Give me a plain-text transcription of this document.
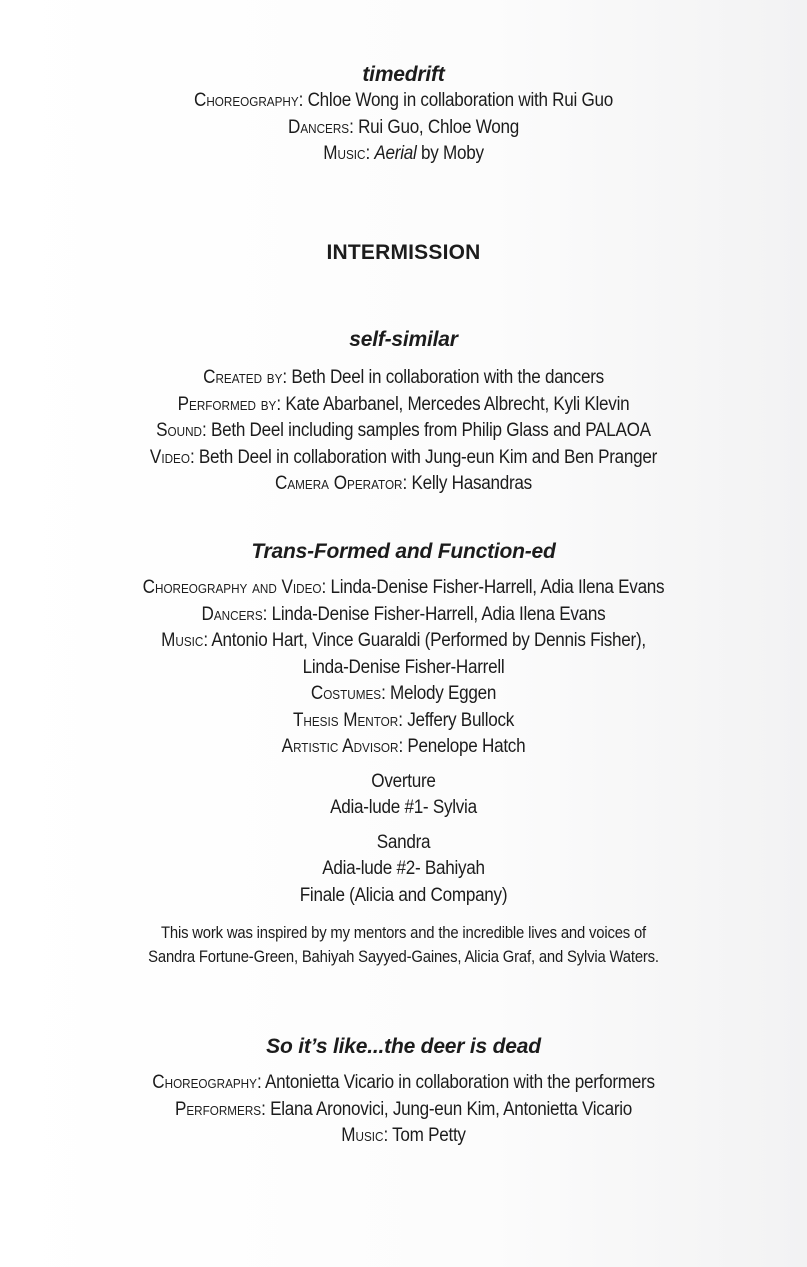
timedrift
Choreography: Chloe Wong in collaboration with Rui Guo
Dancers: Rui Guo, Chloe Wong
Music: Aerial by Moby
INTERMISSION
self-similar
Created by: Beth Deel in collaboration with the dancers
Performed by: Kate Abarbanel, Mercedes Albrecht, Kyli Klevin
Sound: Beth Deel including samples from Philip Glass and PALAOA
Video: Beth Deel in collaboration with Jung-eun Kim and Ben Pranger
Camera Operator: Kelly Hasandras
Trans-Formed and Function-ed
Choreography and Video: Linda-Denise Fisher-Harrell, Adia Ilena Evans
Dancers: Linda-Denise Fisher-Harrell, Adia Ilena Evans
Music: Antonio Hart, Vince Guaraldi (Performed by Dennis Fisher),
Linda-Denise Fisher-Harrell
Costumes: Melody Eggen
Thesis Mentor: Jeffery Bullock
Artistic Advisor: Penelope Hatch
Overture
Adia-lude #1- Sylvia
Sandra
Adia-lude #2- Bahiyah
Finale (Alicia and Company)
This work was inspired by my mentors and the incredible lives and voices of
Sandra Fortune-Green, Bahiyah Sayyed-Gaines, Alicia Graf, and Sylvia Waters.
So it’s like...the deer is dead
Choreography: Antonietta Vicario in collaboration with the performers
Performers: Elana Aronovici, Jung-eun Kim, Antonietta Vicario
Music: Tom Petty
